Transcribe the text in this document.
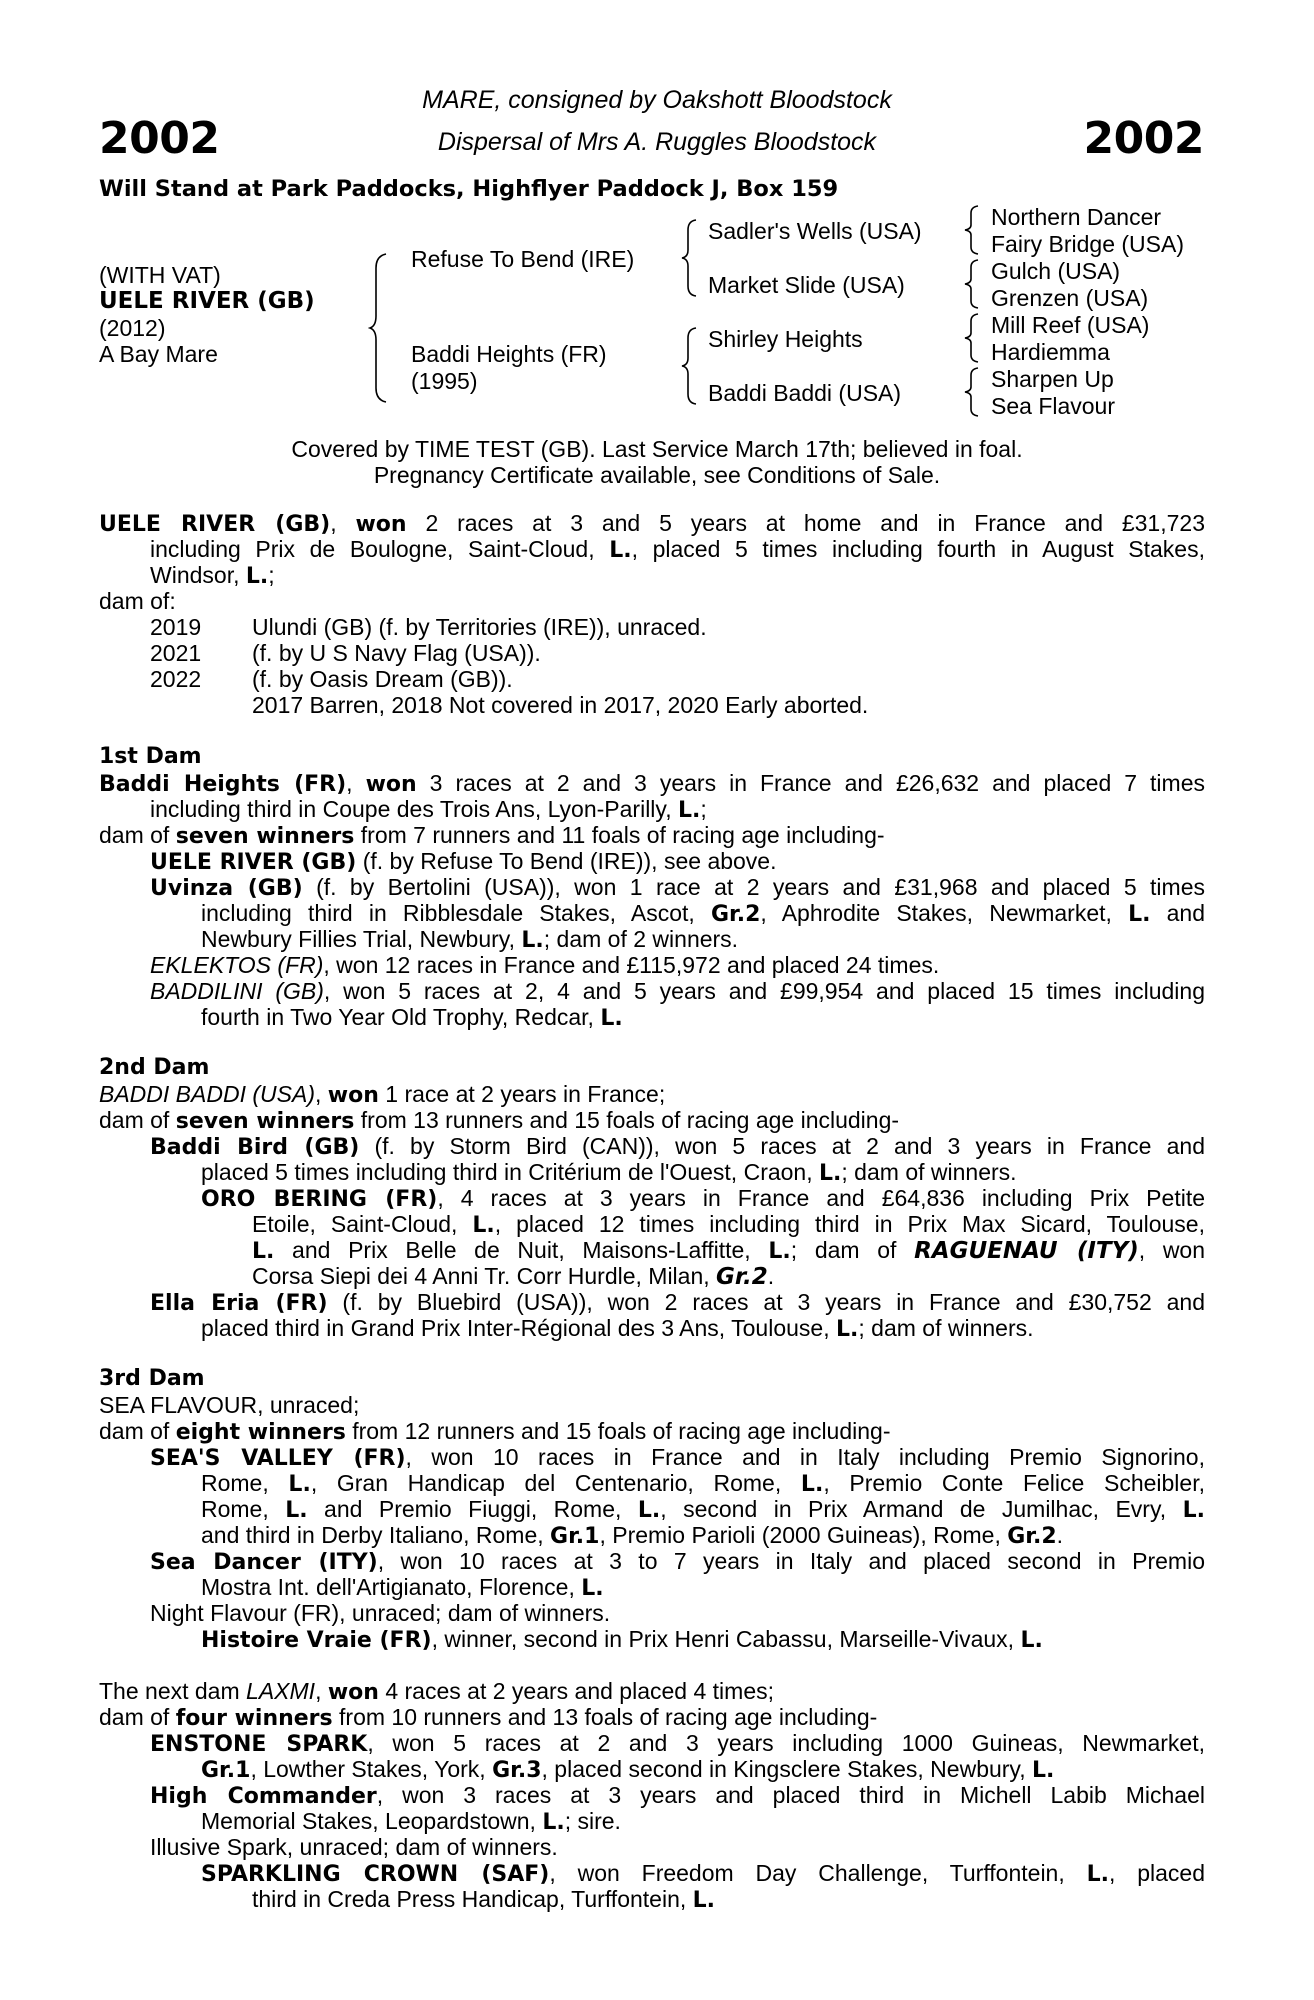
2002	2002
MARE, consigned by Oakshott Bloodstock
Dispersal of Mrs A. Ruggles Bloodstock
Will Stand at Park Paddocks, Highflyer Paddock J, Box 159
(WITH VAT)
UELE RIVER (GB)
(2012)
A Bay Mare
Refuse To Bend (IRE)
Baddi Heights (FR)
(1995)
Sadler's Wells (USA)
Market Slide (USA)
Shirley Heights
Baddi Baddi (USA)
Northern Dancer
Fairy Bridge (USA)
Gulch (USA)
Grenzen (USA)
Mill Reef (USA)
Hardiemma
Sharpen Up
Sea Flavour
Covered by TIME TEST (GB). Last Service March 17th; believed in foal.
Pregnancy Certificate available, see Conditions of Sale.
UELE RIVER (GB), won 2 races at 3 and 5 years at home and in France and £31,723
including Prix de Boulogne, Saint-Cloud, L., placed 5 times including fourth in August Stakes,
Windsor, L.;
dam of:
2019 Ulundi (GB) (f. by Territories (IRE)), unraced.
2021 (f. by U S Navy Flag (USA)).
2022 (f. by Oasis Dream (GB)).
2017 Barren, 2018 Not covered in 2017, 2020 Early aborted.
1st Dam
Baddi Heights (FR), won 3 races at 2 and 3 years in France and £26,632 and placed 7 times
including third in Coupe des Trois Ans, Lyon-Parilly, L.;
dam of seven winners from 7 runners and 11 foals of racing age including-
UELE RIVER (GB) (f. by Refuse To Bend (IRE)), see above.
Uvinza (GB) (f. by Bertolini (USA)), won 1 race at 2 years and £31,968 and placed 5 times
including third in Ribblesdale Stakes, Ascot, Gr.2, Aphrodite Stakes, Newmarket, L. and
Newbury Fillies Trial, Newbury, L.; dam of 2 winners.
EKLEKTOS (FR), won 12 races in France and £115,972 and placed 24 times.
BADDILINI (GB), won 5 races at 2, 4 and 5 years and £99,954 and placed 15 times including
fourth in Two Year Old Trophy, Redcar, L.
2nd Dam
BADDI BADDI (USA), won 1 race at 2 years in France;
dam of seven winners from 13 runners and 15 foals of racing age including-
Baddi Bird (GB) (f. by Storm Bird (CAN)), won 5 races at 2 and 3 years in France and
placed 5 times including third in Critérium de l'Ouest, Craon, L.; dam of winners.
ORO BERING (FR), 4 races at 3 years in France and £64,836 including Prix Petite
Etoile, Saint-Cloud, L., placed 12 times including third in Prix Max Sicard, Toulouse,
L. and Prix Belle de Nuit, Maisons-Laffitte, L.; dam of RAGUENAU (ITY), won
Corsa Siepi dei 4 Anni Tr. Corr Hurdle, Milan, Gr.2.
Ella Eria (FR) (f. by Bluebird (USA)), won 2 races at 3 years in France and £30,752 and
placed third in Grand Prix Inter-Régional des 3 Ans, Toulouse, L.; dam of winners.
3rd Dam
SEA FLAVOUR, unraced;
dam of eight winners from 12 runners and 15 foals of racing age including-
SEA'S VALLEY (FR), won 10 races in France and in Italy including Premio Signorino,
Rome, L., Gran Handicap del Centenario, Rome, L., Premio Conte Felice Scheibler,
Rome, L. and Premio Fiuggi, Rome, L., second in Prix Armand de Jumilhac, Evry, L.
and third in Derby Italiano, Rome, Gr.1, Premio Parioli (2000 Guineas), Rome, Gr.2.
Sea Dancer (ITY), won 10 races at 3 to 7 years in Italy and placed second in Premio
Mostra Int. dell'Artigianato, Florence, L.
Night Flavour (FR), unraced; dam of winners.
Histoire Vraie (FR), winner, second in Prix Henri Cabassu, Marseille-Vivaux, L.
The next dam LAXMI, won 4 races at 2 years and placed 4 times;
dam of four winners from 10 runners and 13 foals of racing age including-
ENSTONE SPARK, won 5 races at 2 and 3 years including 1000 Guineas, Newmarket,
Gr.1, Lowther Stakes, York, Gr.3, placed second in Kingsclere Stakes, Newbury, L.
High Commander, won 3 races at 3 years and placed third in Michell Labib Michael
Memorial Stakes, Leopardstown, L.; sire.
Illusive Spark, unraced; dam of winners.
SPARKLING CROWN (SAF), won Freedom Day Challenge, Turffontein, L., placed
third in Creda Press Handicap, Turffontein, L.
